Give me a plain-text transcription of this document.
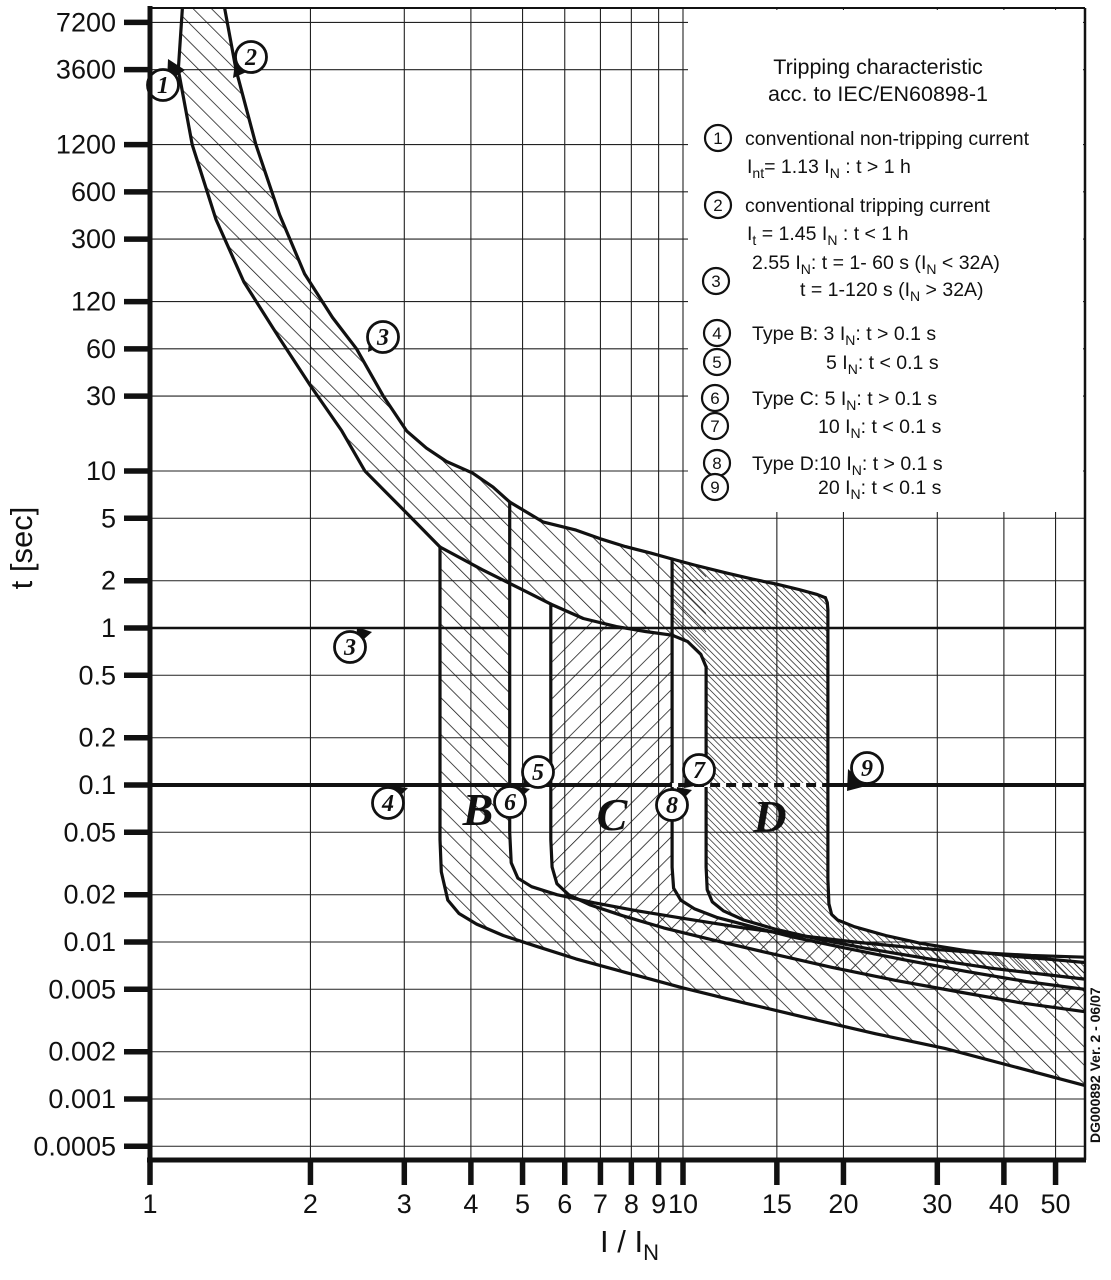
B C	D
1
2
3
3
4
5
6
7
8
9
Tripping characteristic
acc. to IEC/EN60898-1
1 conventional non-tripping current
$I_{nt}= 1.13$ $I_N$ : t > 1 h
2 conventional tripping current
$I_t = 1.45$ $I_N$ : t < 1 h
3
2.55 $I_N$: t = 1- 60 s $(I_N < 32A)$
t = 1-120 s $(I_N > 32A)$
4 Type B: 3 $I_N$: t > 0.1 s
5	5 $I_N$: t < 0.1 s
6 Type C: 5 $I_N$: t > 0.1 s
7	10 $I_N$: t < 0.1 s
8 Type D:10 $I_N$: t > 0.1 s
9	20 $I_N$: t < 0.1 s
7200
3600
1200
600
300
120
60
30
10
5
2
1
0.5
0.2
0.1
0.05
0.02
0.01
0.005
0.002
0.001
0.0005
1	2	3 4 5 6 7 8 9 10 15 20 30 40 50
t [sec]
I / $I_N$
DG000892 Ver. 2 - 06/07
